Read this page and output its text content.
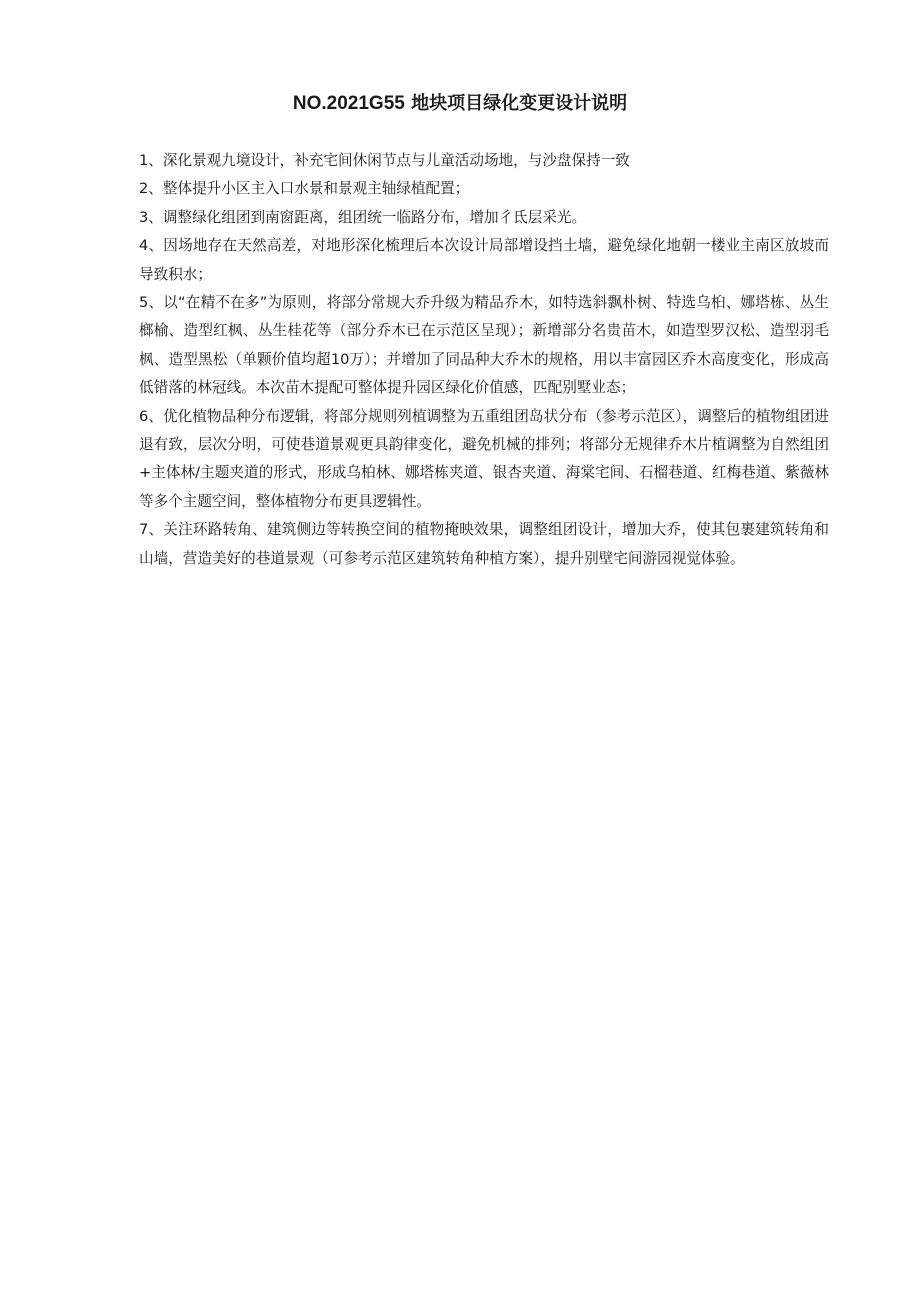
NO.2021G55 地块项目绿化变更设计说明

1、深化景观九境设计，补充宅间休闲节点与儿童活动场地，与沙盘保持一致

2、整体提升小区主入口水景和景观主轴绿植配置；

3、调整绿化组团到南窗距离，组团统一临路分布，增加彳氐层采光。

4、因场地存在天然高差，对地形深化梳理后本次设计局部增设挡土墙，避免绿化地朝一楼业主南区放坡而导致积水；

5、以“在精不在多”为原则，将部分常规大乔升级为精品乔木，如特选斜飘朴树、特选乌桕、娜塔栋、丛生榔榆、造型红枫、丛生桂花等（部分乔木已在示范区呈现）；新增部分名贵苗木，如造型罗汉松、造型羽毛枫、造型黑松（单颗价值均超10万）；并增加了同品种大乔木的规格，用以丰富园区乔木高度变化，形成高低错落的林冠线。本次苗木提配可整体提升园区绿化价值感，匹配别墅业态；

6、优化植物品种分布逻辑，将部分规则列植调整为五重组团岛状分布（参考示范区），调整后的植物组团进退有致，层次分明，可使巷道景观更具韵律变化，避免机械的排列；将部分无规律乔木片植调整为自然组团+主体林/主题夹道的形式，形成乌柏林、娜塔栋夹道、银杏夹道、海棠宅间、石榴巷道、红梅巷道、紫薇林等多个主题空间，整体植物分布更具逻辑性。

7、关注环路转角、建筑侧边等转换空间的植物掩映效果，调整组团设计，增加大乔，使其包裹建筑转角和山墙，营造美好的巷道景观（可参考示范区建筑转角种植方案），提升别壁宅间游园视觉体验。
